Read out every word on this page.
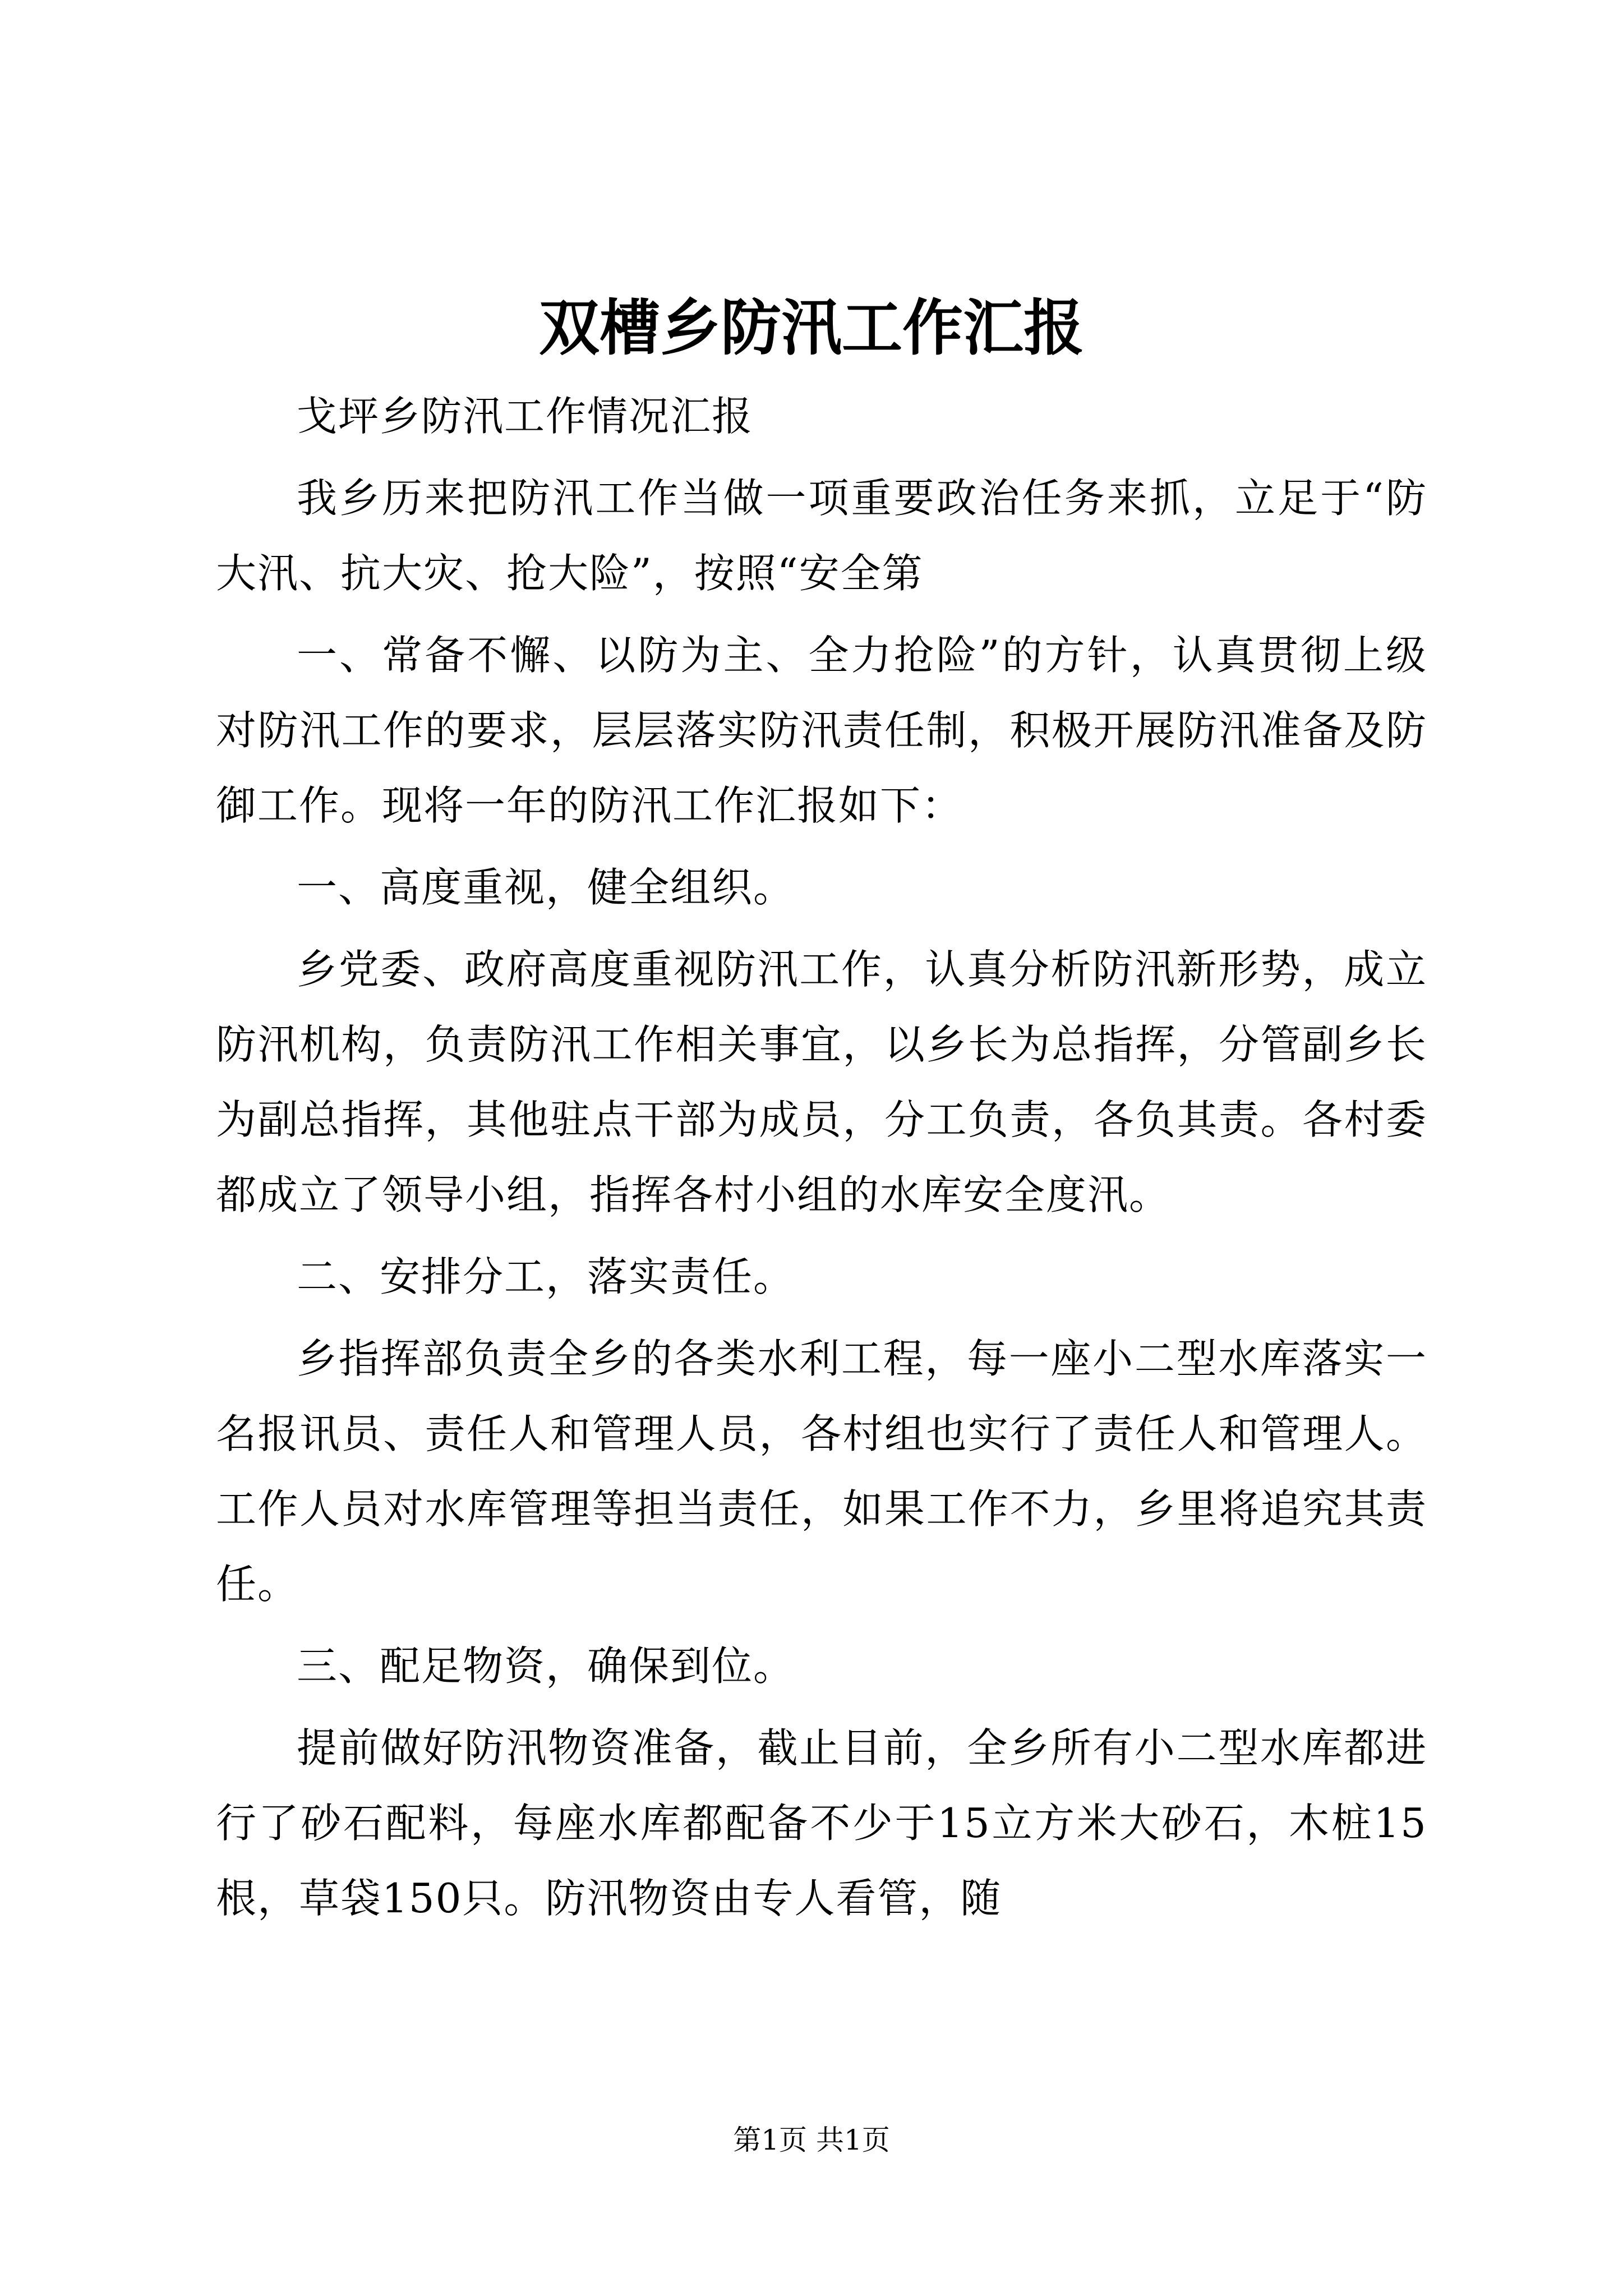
双槽乡防汛工作汇报

戈坪乡防汛工作情况汇报

我乡历来把防汛工作当做一项重要政治任务来抓，立足于“防大汛、抗大灾、抢大险”，按照“安全第

一、常备不懈、以防为主、全力抢险”的方针，认真贯彻上级对防汛工作的要求，层层落实防汛责任制，积极开展防汛准备及防御工作。现将一年的防汛工作汇报如下：

一、高度重视，健全组织。

乡党委、政府高度重视防汛工作，认真分析防汛新形势，成立防汛机构，负责防汛工作相关事宜，以乡长为总指挥，分管副乡长为副总指挥，其他驻点干部为成员，分工负责，各负其责。各村委都成立了领导小组，指挥各村小组的水库安全度汛。

二、安排分工，落实责任。

乡指挥部负责全乡的各类水利工程，每一座小二型水库落实一名报讯员、责任人和管理人员，各村组也实行了责任人和管理人。工作人员对水库管理等担当责任，如果工作不力，乡里将追究其责任。

三、配足物资，确保到位。

提前做好防汛物资准备，截止目前，全乡所有小二型水库都进行了砂石配料，每座水库都配备不少于15立方米大砂石，木桩15根，草袋150只。防汛物资由专人看管，随

第1页 共1页
